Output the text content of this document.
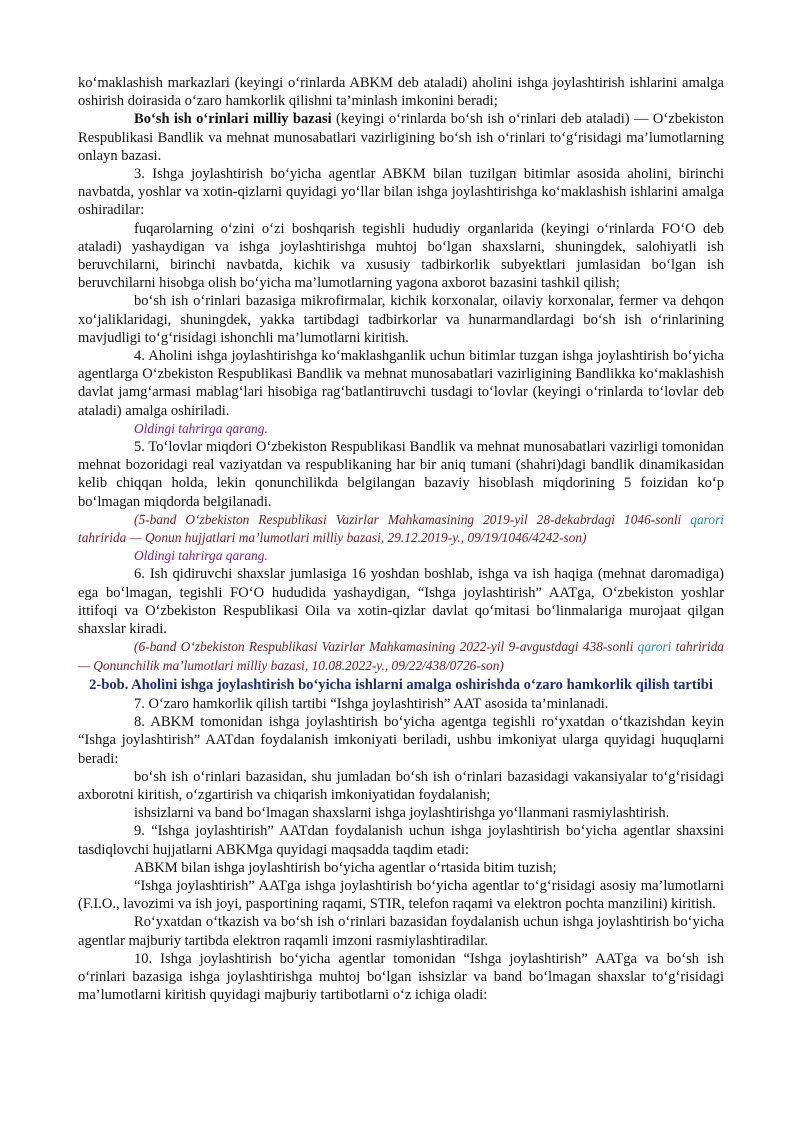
ko‘maklashish markazlari (keyingi o‘rinlarda ABKM deb ataladi) aholini ishga joylashtirish ishlarini amalga oshirish doirasida o‘zaro hamkorlik qilishni ta’minlash imkonini beradi;

Bo‘sh ish o‘rinlari milliy bazasi (keyingi o‘rinlarda bo‘sh ish o‘rinlari deb ataladi) — O‘zbekiston Respublikasi Bandlik va mehnat munosabatlari vazirligining bo‘sh ish o‘rinlari to‘g‘risidagi ma’lumotlarning onlayn bazasi.

3. Ishga joylashtirish bo‘yicha agentlar ABKM bilan tuzilgan bitimlar asosida aholini, birinchi navbatda, yoshlar va xotin-qizlarni quyidagi yo‘llar bilan ishga joylashtirishga ko‘maklashish ishlarini amalga oshiradilar:

fuqarolarning o‘zini o‘zi boshqarish tegishli hududiy organlarida (keyingi o‘rinlarda FO‘O deb ataladi) yashaydigan va ishga joylashtirishga muhtoj bo‘lgan shaxslarni, shuningdek, salohiyatli ish beruvchilarni, birinchi navbatda, kichik va xususiy tadbirkorlik subyektlari jumlasidan bo‘lgan ish beruvchilarni hisobga olish bo‘yicha ma’lumotlarning yagona axborot bazasini tashkil qilish;

bo‘sh ish o‘rinlari bazasiga mikrofirmalar, kichik korxonalar, oilaviy korxonalar, fermer va dehqon xo‘jaliklaridagi, shuningdek, yakka tartibdagi tadbirkorlar va hunarmandlardagi bo‘sh ish o‘rinlarining mavjudligi to‘g‘risidagi ishonchli ma’lumotlarni kiritish.

4. Aholini ishga joylashtirishga ko‘maklashganlik uchun bitimlar tuzgan ishga joylashtirish bo‘yicha agentlarga O‘zbekiston Respublikasi Bandlik va mehnat munosabatlari vazirligining Bandlikka ko‘maklashish davlat jamg‘armasi mablag‘lari hisobiga rag‘batlantiruvchi tusdagi to‘lovlar (keyingi o‘rinlarda to‘lovlar deb ataladi) amalga oshiriladi.

Oldingi tahrirga qarang.

5. To‘lovlar miqdori O‘zbekiston Respublikasi Bandlik va mehnat munosabatlari vazirligi tomonidan mehnat bozoridagi real vaziyatdan va respublikaning har bir aniq tumani (shahri)dagi bandlik dinamikasidan kelib chiqqan holda, lekin qonunchilikda belgilangan bazaviy hisoblash miqdorining 5 foizidan ko‘p bo‘lmagan miqdorda belgilanadi.

(5-band O‘zbekiston Respublikasi Vazirlar Mahkamasining 2019-yil 28-dekabrdagi 1046-sonli qarori tahririda — Qonun hujjatlari ma’lumotlari milliy bazasi, 29.12.2019-y., 09/19/1046/4242-son)

Oldingi tahrirga qarang.

6. Ish qidiruvchi shaxslar jumlasiga 16 yoshdan boshlab, ishga va ish haqiga (mehnat daromadiga) ega bo‘lmagan, tegishli FO‘O hududida yashaydigan, “Ishga joylashtirish” AATga, O‘zbekiston yoshlar ittifoqi va O‘zbekiston Respublikasi Oila va xotin-qizlar davlat qo‘mitasi bo‘linmalariga murojaat qilgan shaxslar kiradi.

(6-band O‘zbekiston Respublikasi Vazirlar Mahkamasining 2022-yil 9-avgustdagi 438-sonli qarori tahririda — Qonunchilik ma’lumotlari milliy bazasi, 10.08.2022-y., 09/22/438/0726-son)

2-bob. Aholini ishga joylashtirish bo‘yicha ishlarni amalga oshirishda o‘zaro hamkorlik qilish tartibi

7. O‘zaro hamkorlik qilish tartibi “Ishga joylashtirish” AAT asosida ta’minlanadi.

8. ABKM tomonidan ishga joylashtirish bo‘yicha agentga tegishli ro‘yxatdan o‘tkazishdan keyin “Ishga joylashtirish” AATdan foydalanish imkoniyati beriladi, ushbu imkoniyat ularga quyidagi huquqlarni beradi:

bo‘sh ish o‘rinlari bazasidan, shu jumladan bo‘sh ish o‘rinlari bazasidagi vakansiyalar to‘g‘risidagi axborotni kiritish, o‘zgartirish va chiqarish imkoniyatidan foydalanish;

ishsizlarni va band bo‘lmagan shaxslarni ishga joylashtirishga yo‘llanmani rasmiylashtirish.

9. “Ishga joylashtirish” AATdan foydalanish uchun ishga joylashtirish bo‘yicha agentlar shaxsini tasdiqlovchi hujjatlarni ABKMga quyidagi maqsadda taqdim etadi:

ABKM bilan ishga joylashtirish bo‘yicha agentlar o‘rtasida bitim tuzish;

“Ishga joylashtirish” AATga ishga joylashtirish bo‘yicha agentlar to‘g‘risidagi asosiy ma’lumotlarni (F.I.O., lavozimi va ish joyi, pasportining raqami, STIR, telefon raqami va elektron pochta manzilini) kiritish.

Ro‘yxatdan o‘tkazish va bo‘sh ish o‘rinlari bazasidan foydalanish uchun ishga joylashtirish bo‘yicha agentlar majburiy tartibda elektron raqamli imzoni rasmiylashtiradilar.

10. Ishga joylashtirish bo‘yicha agentlar tomonidan “Ishga joylashtirish” AATga va bo‘sh ish o‘rinlari bazasiga ishga joylashtirishga muhtoj bo‘lgan ishsizlar va band bo‘lmagan shaxslar to‘g‘risidagi ma’lumotlarni kiritish quyidagi majburiy tartibotlarni o‘z ichiga oladi:
